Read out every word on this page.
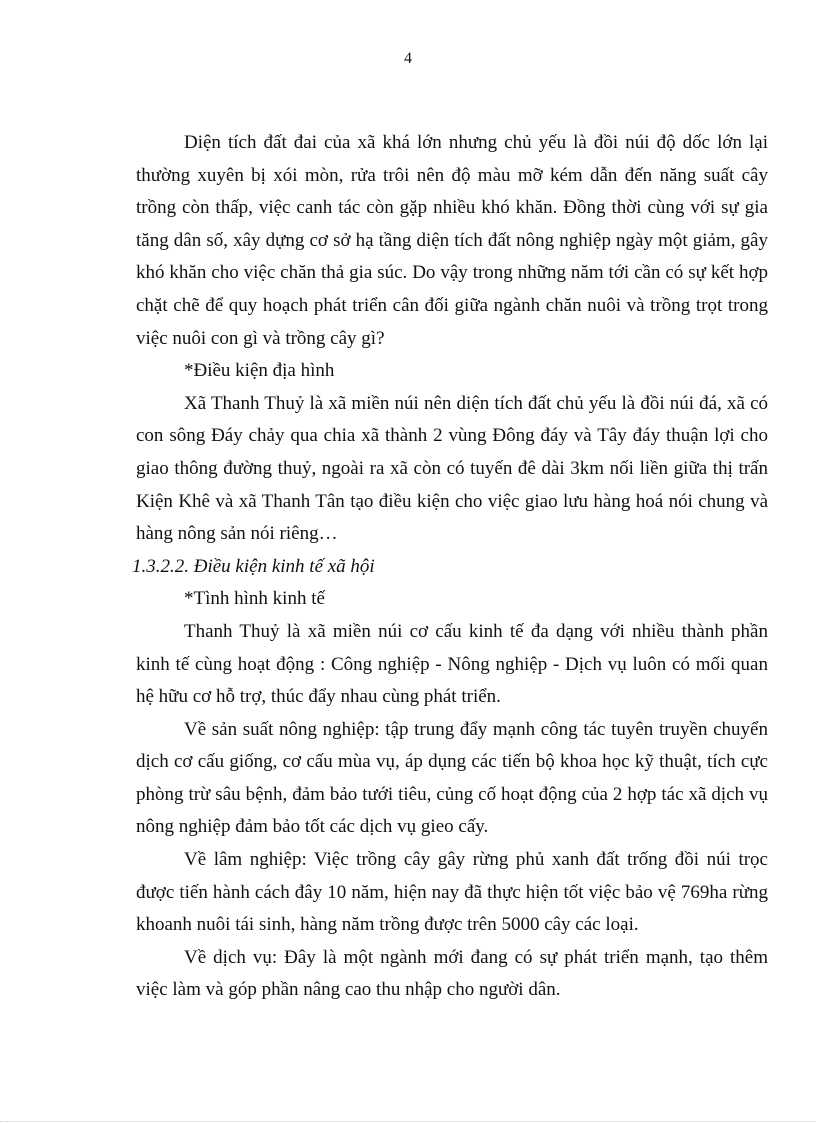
4

Diện tích đất đai của xã khá lớn nhưng chủ yếu là đồi núi độ dốc lớn lại thường xuyên bị xói mòn, rửa trôi nên độ màu mỡ kém dẫn đến năng suất cây trồng còn thấp, việc canh tác còn gặp nhiều khó khăn. Đồng thời cùng với sự gia tăng dân số, xây dựng cơ sở hạ tầng diện tích đất nông nghiệp ngày một giảm, gây khó khăn cho việc chăn thả gia súc. Do vậy trong những năm tới cần có sự kết hợp chặt chẽ để quy hoạch phát triển cân đối giữa ngành chăn nuôi và trồng trọt trong việc nuôi con gì và trồng cây gì?

*Điều kiện địa hình

Xã Thanh Thuỷ là xã miền núi nên diện tích đất chủ yếu là đồi núi đá, xã có con sông Đáy chảy qua chia xã thành 2 vùng Đông đáy và Tây đáy thuận lợi cho giao thông đường thuỷ, ngoài ra xã còn có tuyến đê dài 3km nối liền giữa thị trấn Kiện Khê và xã Thanh Tân tạo điều kiện cho việc giao lưu hàng hoá nói chung và hàng nông sản nói riêng…

1.3.2.2. Điều kiện kinh tế xã hội

*Tình hình kinh tế

Thanh Thuỷ là xã miền núi cơ cấu kinh tế đa dạng với nhiều thành phần kinh tế cùng hoạt động : Công nghiệp - Nông nghiệp - Dịch vụ luôn có mối quan hệ hữu cơ hỗ trợ, thúc đẩy nhau cùng phát triển.

Về sản suất nông nghiệp: tập trung đẩy mạnh công tác tuyên truyền chuyển dịch cơ cấu giống, cơ cấu mùa vụ, áp dụng các tiến bộ khoa học kỹ thuật, tích cực phòng trừ sâu bệnh, đảm bảo tưới tiêu, củng cố hoạt động của 2 hợp tác xã dịch vụ nông nghiệp đảm bảo tốt các dịch vụ gieo cấy.

Về lâm nghiệp: Việc trồng cây gây rừng phủ xanh đất trống đồi núi trọc được tiến hành cách đây 10 năm, hiện nay đã thực hiện tốt việc bảo vệ 769ha rừng khoanh nuôi tái sinh, hàng năm trồng được trên 5000 cây các loại.

Về dịch vụ: Đây là một ngành mới đang có sự phát triển mạnh, tạo thêm việc làm và góp phần nâng cao thu nhập cho người dân.
